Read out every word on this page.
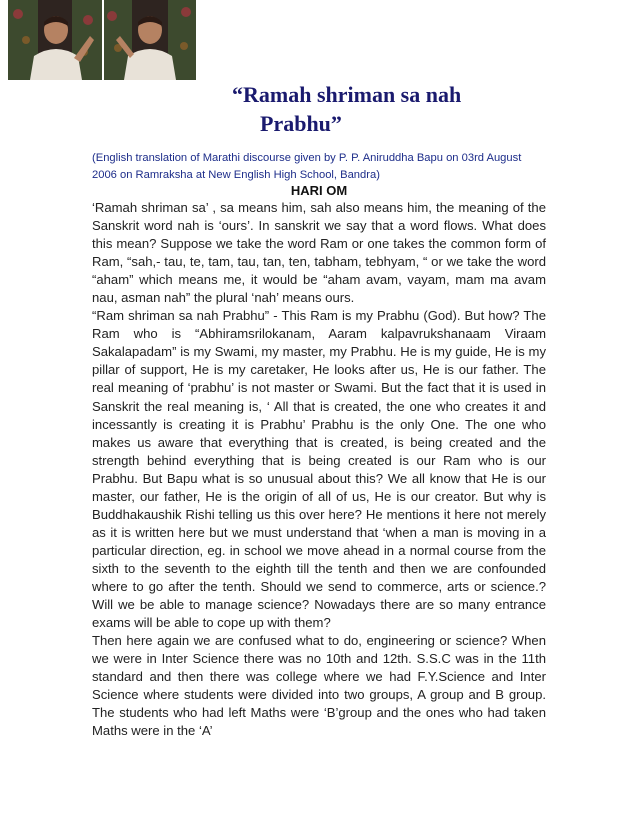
“Ramah shriman sa nah
Prabhu”

(English translation of Marathi discourse given by P. P. Aniruddha Bapu on 03rd August 2006 on Ramraksha at New English High School, Bandra)

HARI OM

‘Ramah shriman sa’ , sa means him, sah also means him, the meaning of the Sanskrit word nah is ‘ours’. In sanskrit we say that a word flows. What does this mean? Suppose we take the word Ram or one takes the common form of Ram, “sah,- tau, te, tam, tau, tan, ten, tabham, tebhyam, “ or we take the word “aham” which means me, it would be “aham avam, vayam, mam ma avam nau, asman nah” the plural ‘nah’ means ours.

“Ram shriman sa nah Prabhu” - This Ram is my Prabhu (God). But how? The Ram who is “Abhiramsrilokanam, Aaram kalpavrukshanaam Viraam Sakalapadam” is my Swami, my master, my Prabhu. He is my guide, He is my pillar of support, He is my caretaker, He looks after us, He is our father. The real meaning of ‘prabhu’ is not master or Swami. But the fact that it is used in Sanskrit the real meaning is, ‘ All that is created, the one who creates it and incessantly is creating it is Prabhu’ Prabhu is the only One. The one who makes us aware that everything that is created, is being created and the strength behind everything that is being created is our Ram who is our Prabhu. But Bapu what is so unusual about this? We all know that He is our master, our father, He is the origin of all of us, He is our creator. But why is Buddhakaushik Rishi telling us this over here? He mentions it here not merely as it is written here but we must understand that ‘when a man is moving in a particular direction, eg. in school we move ahead in a normal course from the sixth to the seventh to the eighth till the tenth and then we are confounded where to go after the tenth. Should we send to commerce, arts or science.? Will we be able to manage science? Nowadays there are so many entrance exams will be able to cope up with them?

Then here again we are confused what to do, engineering or science? When we were in Inter Science there was no 10th and 12th. S.S.C was in the 11th standard and then there was college where we had F.Y.Science and Inter Science where students were divided into two groups, A group and B group. The students who had left Maths were ‘B’group and the ones who had taken Maths were in the ‘A’
